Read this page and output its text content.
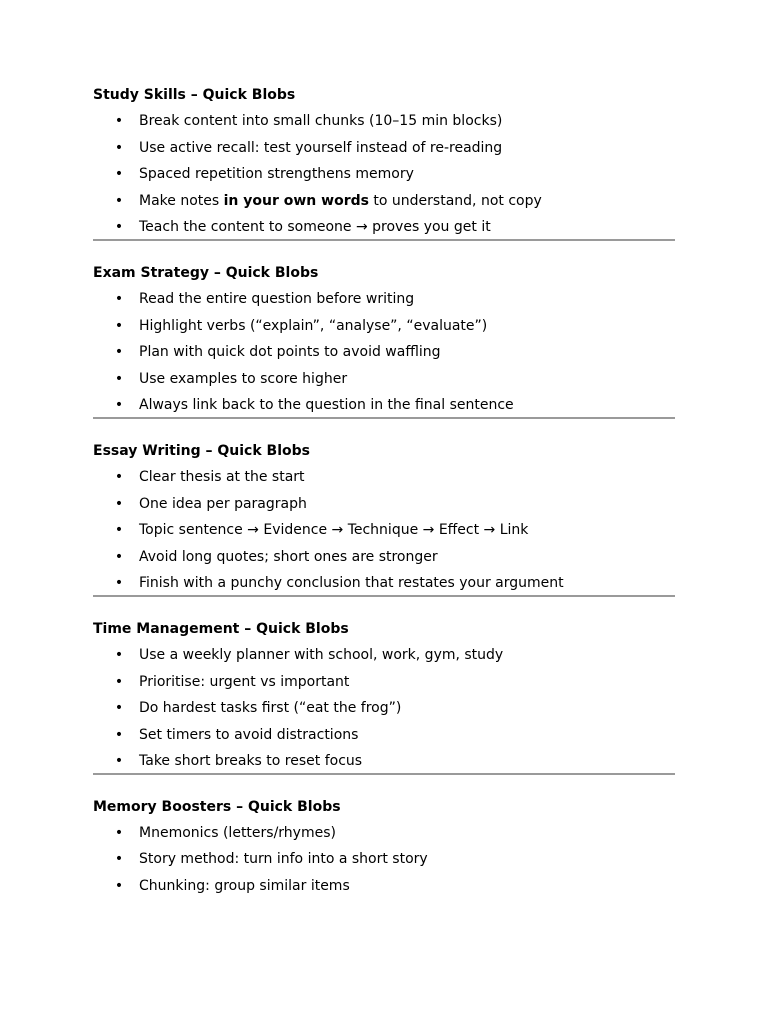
Study Skills – Quick Blobs
• Break content into small chunks (10–15 min blocks)
• Use active recall: test yourself instead of re-reading
• Spaced repetition strengthens memory
• Make notes in your own words to understand, not copy
• Teach the content to someone → proves you get it
Exam Strategy – Quick Blobs
• Read the entire question before writing
• Highlight verbs (“explain”, “analyse”, “evaluate”)
• Plan with quick dot points to avoid waffling
• Use examples to score higher
• Always link back to the question in the final sentence
Essay Writing – Quick Blobs
• Clear thesis at the start
• One idea per paragraph
• Topic sentence → Evidence → Technique → Effect → Link
• Avoid long quotes; short ones are stronger
• Finish with a punchy conclusion that restates your argument
Time Management – Quick Blobs
• Use a weekly planner with school, work, gym, study
• Prioritise: urgent vs important
• Do hardest tasks first (“eat the frog”)
• Set timers to avoid distractions
• Take short breaks to reset focus
Memory Boosters – Quick Blobs
• Mnemonics (letters/rhymes)
• Story method: turn info into a short story
• Chunking: group similar items
